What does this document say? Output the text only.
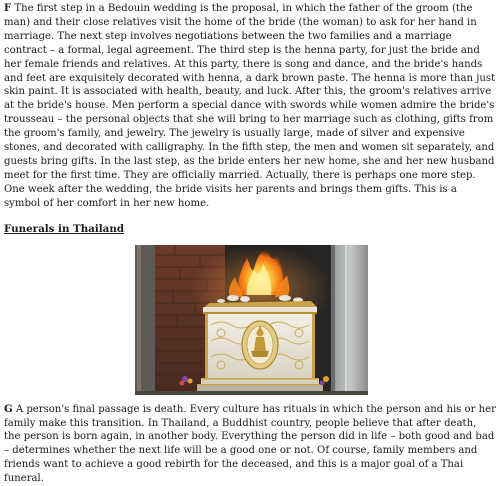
F The first step in a Bedouin wedding is the proposal, in which the father of the groom (the man) and their close relatives visit the home of the bride (the woman) to ask for her hand in marriage. The next step involves negotiations between the two families and a marriage contract – a formal, legal agreement. The third step is the henna party, for just the bride and her female friends and relatives. At this party, there is song and dance, and the bride's hands and feet are exquisitely decorated with henna, a dark brown paste. The henna is more than just skin paint. It is associated with health, beauty, and luck. After this, the groom's relatives arrive at the bride's house. Men perform a special dance with swords while women admire the bride's trousseau – the personal objects that she will bring to her marriage such as clothing, gifts from the groom's family, and jewelry. The jewelry is usually large, made of silver and expensive stones, and decorated with calligraphy. In the fifth step, the men and women sit separately, and guests bring gifts. In the last step, as the bride enters her new home, she and her new husband meet for the first time. They are officially married. Actually, there is perhaps one more step. One week after the wedding, the bride visits her parents and brings them gifts. This is a symbol of her comfort in her new home.

Funerals in Thailand

G A person's final passage is death. Every culture has rituals in which the person and his or her family make this transition. In Thailand, a Buddhist country, people believe that after death, the person is born again, in another body. Everything the person did in life – both good and bad – determines whether the next life will be a good one or not. Of course, family members and friends want to achieve a good rebirth for the deceased, and this is a major goal of a Thai funeral.
